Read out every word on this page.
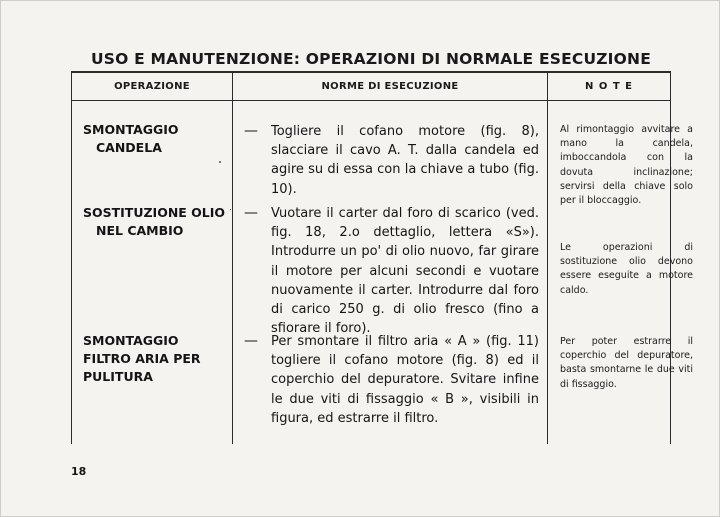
USO E MANUTENZIONE: OPERAZIONI DI NORMALE ESECUZIONE
OPERAZIONE	NORME DI ESECUZIONE	N O T E
SMONTAGGIO
CANDELA
— Togliere il cofano motore (fig. 8), slacciare il cavo A. T. dalla candela ed agire su di essa con la chiave a tubo (fig. 10).
Al rimontaggio avvitare a mano la candela, imboccandola con la dovuta inclinazione; servirsi della chiave solo per il bloccaggio.
SOSTITUZIONE OLIO
NEL CAMBIO
— Vuotare il carter dal foro di scarico (ved. fig. 18, 2.o dettaglio, lettera «S»). Introdurre un po' di olio nuovo, far girare il motore per alcuni secondi e vuotare nuovamente il carter. Introdurre dal foro di carico 250 g. di olio fresco (fino a sfiorare il foro).
Le operazioni di sostituzione olio devono essere eseguite a motore caldo.
SMONTAGGIO
FILTRO ARIA PER
PULITURA
— Per smontare il filtro aria « A » (fig. 11) togliere il cofano motore (fig. 8) ed il coperchio del depuratore. Svitare infine le due viti di fissaggio « B », visibili in figura, ed estrarre il filtro.
Per poter estrarre il coperchio del depuratore, basta smontarne le due viti di fissaggio.
18
